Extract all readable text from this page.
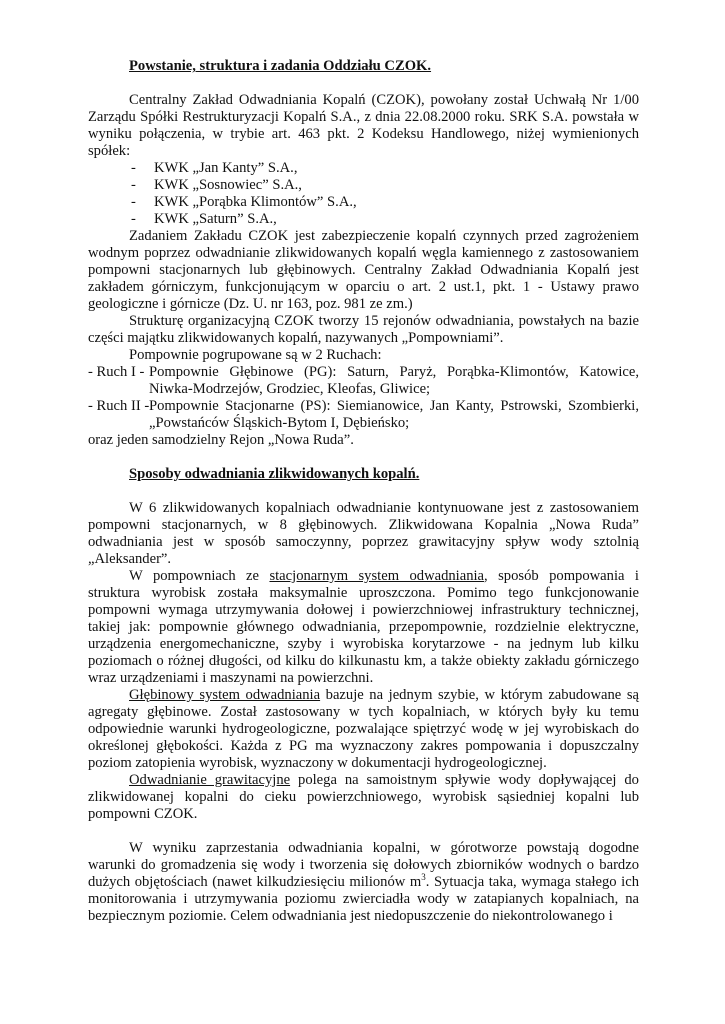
Powstanie, struktura i zadania Oddziału CZOK.

Centralny Zakład Odwadniania Kopalń (CZOK), powołany został Uchwałą Nr 1/00 Zarządu Spółki Restrukturyzacji Kopalń S.A., z dnia 22.08.2000 roku. SRK S.A. powstała w wyniku połączenia, w trybie art. 463 pkt. 2 Kodeksu Handlowego, niżej wymienionych spółek:

- KWK „Jan Kanty” S.A.,
- KWK „Sosnowiec” S.A.,
- KWK „Porąbka Klimontów” S.A.,
- KWK „Saturn” S.A.,

Zadaniem Zakładu CZOK jest zabezpieczenie kopalń czynnych przed zagrożeniem wodnym poprzez odwadnianie zlikwidowanych kopalń węgla kamiennego z zastosowaniem pompowni stacjonarnych lub głębinowych. Centralny Zakład Odwadniania Kopalń jest zakładem górniczym, funkcjonującym w oparciu o art. 2 ust.1, pkt. 1 - Ustawy prawo geologiczne i górnicze (Dz. U. nr 163, poz. 981 ze zm.)

Strukturę organizacyjną CZOK tworzy 15 rejonów odwadniania, powstałych na bazie części majątku zlikwidowanych kopalń, nazywanych „Pompowniami”.

Pompownie pogrupowane są w 2 Ruchach:

- Ruch I - Pompownie Głębinowe (PG): Saturn, Paryż, Porąbka-Klimontów, Katowice, Niwka-Modrzejów, Grodziec, Kleofas, Gliwice;
- Ruch II - Pompownie Stacjonarne (PS): Siemianowice, Jan Kanty, Pstrowski, Szombierki, „Powstańców Śląskich-Bytom I, Dębieńsko;

oraz jeden samodzielny Rejon „Nowa Ruda”.

Sposoby odwadniania zlikwidowanych kopalń.

W 6 zlikwidowanych kopalniach odwadnianie kontynuowane jest z zastosowaniem pompowni stacjonarnych, w 8 głębinowych. Zlikwidowana Kopalnia „Nowa Ruda” odwadniania jest w sposób samoczynny, poprzez grawitacyjny spływ wody sztolnią „Aleksander”.

W pompowniach ze stacjonarnym system odwadniania, sposób pompowania i struktura wyrobisk została maksymalnie uproszczona. Pomimo tego funkcjonowanie pompowni wymaga utrzymywania dołowej i powierzchniowej infrastruktury technicznej, takiej jak: pompownie głównego odwadniania, przepompownie, rozdzielnie elektryczne, urządzenia energomechaniczne, szyby i wyrobiska korytarzowe - na jednym lub kilku poziomach o różnej długości, od kilku do kilkunastu km, a także obiekty zakładu górniczego wraz urządzeniami i maszynami na powierzchni.

Głębinowy system odwadniania bazuje na jednym szybie, w którym zabudowane są agregaty głębinowe. Został zastosowany w tych kopalniach, w których były ku temu odpowiednie warunki hydrogeologiczne, pozwalające spiętrzyć wodę w jej wyrobiskach do określonej głębokości. Każda z PG ma wyznaczony zakres pompowania i dopuszczalny poziom zatopienia wyrobisk, wyznaczony w dokumentacji hydrogeologicznej.

Odwadnianie grawitacyjne polega na samoistnym spływie wody dopływającej do zlikwidowanej kopalni do cieku powierzchniowego, wyrobisk sąsiedniej kopalni lub pompowni CZOK.

W wyniku zaprzestania odwadniania kopalni, w górotworze powstają dogodne warunki do gromadzenia się wody i tworzenia się dołowych zbiorników wodnych o bardzo dużych objętościach (nawet kilkudziesięciu milionów $m^3$. Sytuacja taka, wymaga stałego ich monitorowania i utrzymywania poziomu zwierciadła wody w zatapianych kopalniach, na bezpiecznym poziomie. Celem odwadniania jest niedopuszczenie do niekontrolowanego i
